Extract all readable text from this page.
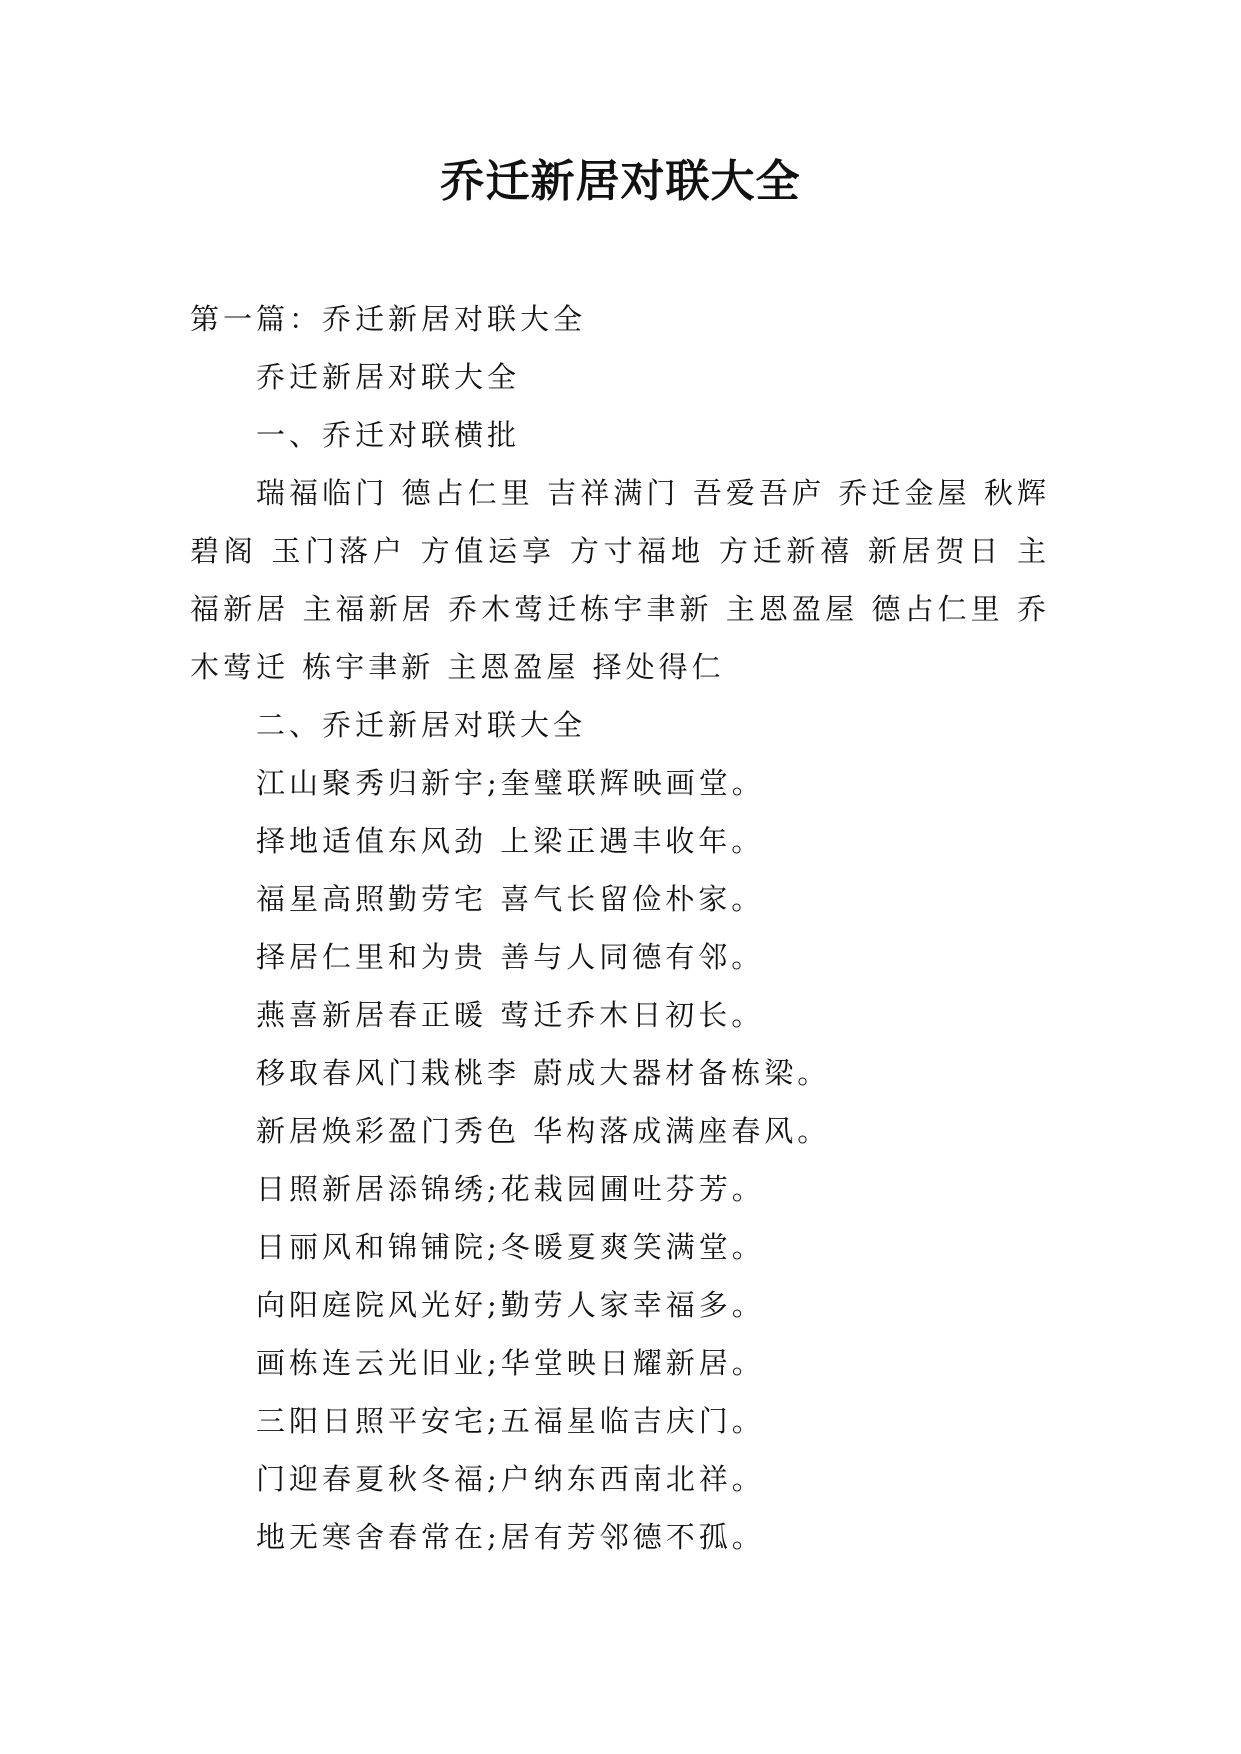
乔迁新居对联大全

第一篇：乔迁新居对联大全

乔迁新居对联大全

一、乔迁对联横批

瑞福临门 德占仁里 吉祥满门 吾爱吾庐 乔迁金屋 秋辉碧阁 玉门落户 方值运享 方寸福地 方迁新禧 新居贺日 主福新居 主福新居 乔木莺迁栋宇聿新 主恩盈屋 德占仁里 乔木莺迁 栋宇聿新 主恩盈屋 择处得仁

二、乔迁新居对联大全

江山聚秀归新宇;奎璧联辉映画堂。

择地适值东风劲 上梁正遇丰收年。

福星高照勤劳宅 喜气长留俭朴家。

择居仁里和为贵 善与人同德有邻。

燕喜新居春正暖 莺迁乔木日初长。

移取春风门栽桃李 蔚成大器材备栋梁。

新居焕彩盈门秀色 华构落成满座春风。

日照新居添锦绣;花栽园圃吐芬芳。

日丽风和锦铺院;冬暖夏爽笑满堂。

向阳庭院风光好;勤劳人家幸福多。

画栋连云光旧业;华堂映日耀新居。

三阳日照平安宅;五福星临吉庆门。

门迎春夏秋冬福;户纳东西南北祥。

地无寒舍春常在;居有芳邻德不孤。
